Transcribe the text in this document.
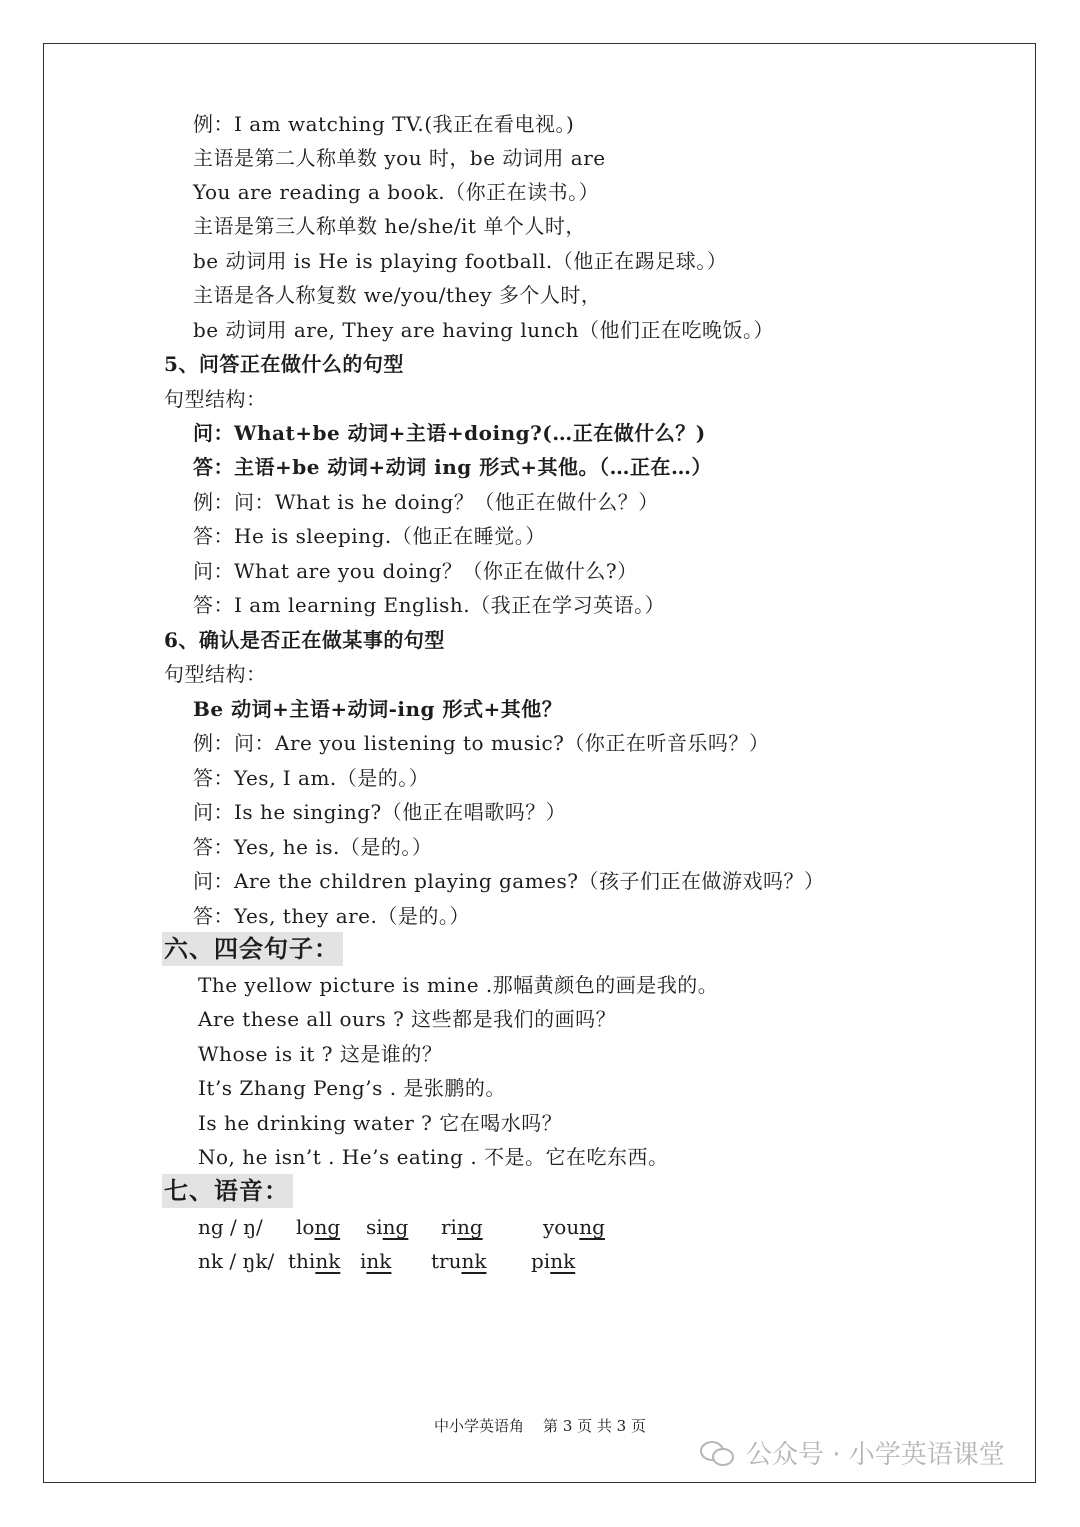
例：I am watching TV.(我正在看电视。)
主语是第二人称单数 you 时，be 动词用 are
You are reading a book.（你正在读书。）
主语是第三人称单数 he/she/it 单个人时，
be 动词用 is He is playing football.（他正在踢足球。）
主语是各人称复数 we/you/they 多个人时，
be 动词用 are, They are having lunch（他们正在吃晚饭。）
5、问答正在做什么的句型
句型结构：
问：What+be 动词+主语+doing?(…正在做什么？)
答：主语+be 动词+动词 ing 形式+其他。（…正在…）
例：问：What is he doing？（他正在做什么？）
答：He is sleeping.（他正在睡觉。）
问：What are you doing？（你正在做什么?）
答：I am learning English.（我正在学习英语。）
6、确认是否正在做某事的句型
句型结构：
Be 动词+主语+动词-ing 形式+其他？
例：问：Are you listening to music?（你正在听音乐吗？）
答：Yes, I am.（是的。）
问：Is he singing?（他正在唱歌吗？）
答：Yes, he is.（是的。）
问：Are the children playing games?（孩子们正在做游戏吗？）
答：Yes, they are.（是的。）
六、四会句子：
The yellow picture is mine .那幅黄颜色的画是我的。
Are these all ours ? 这些都是我们的画吗？
Whose is it ? 这是谁的？
It’s Zhang Peng’s . 是张鹏的。
Is he drinking water ? 它在喝水吗？
No, he isn’t . He’s eating . 不是。它在吃东西。
七、语音：
ng / ŋ/ long sing ring	young
nk / ŋk/ think ink trunk pink
中小学英语角    第 3 页 共 3 页
公众号 · 小学英语课堂
